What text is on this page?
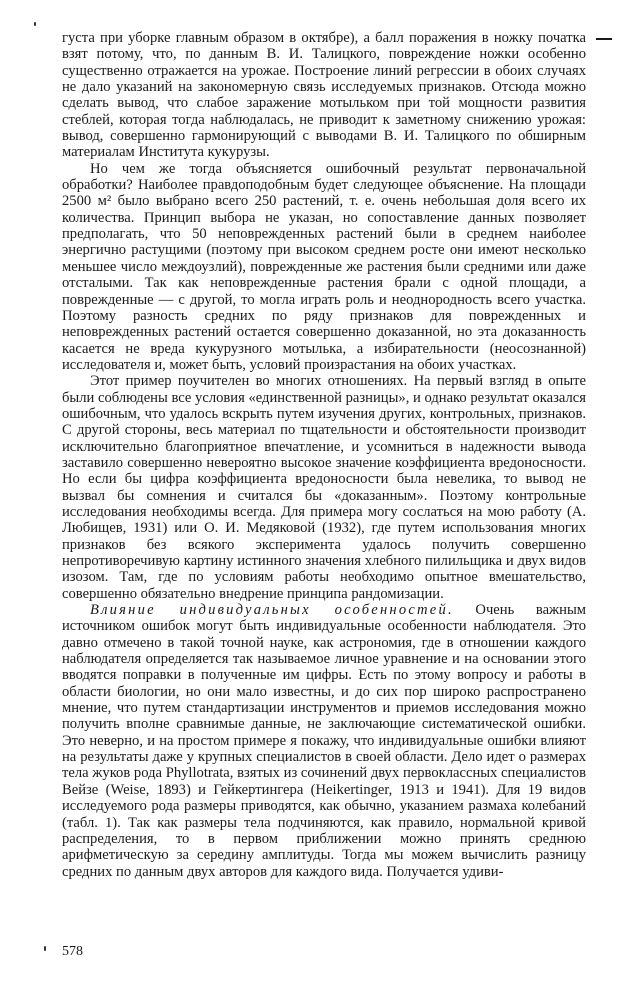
густа при уборке главным образом в октябре), а балл поражения в ножку початка взят потому, что, по данным В. И. Талицкого, повреждение ножки особенно существенно отражается на урожае. Построение линий регрессии в обоих случаях не дало указаний на закономерную связь исследуемых признаков. Отсюда можно сделать вывод, что слабое заражение мотыльком при той мощности развития стеблей, которая тогда наблюдалась, не приводит к заметному снижению урожая: вывод, совершенно гармонирующий с выводами В. И. Талицкого по обширным материалам Института кукурузы.

Но чем же тогда объясняется ошибочный результат первоначальной обработки? Наиболее правдоподобным будет следующее объяснение. На площади 2500 м² было выбрано всего 250 растений, т. е. очень небольшая доля всего их количества. Принцип выбора не указан, но сопоставление данных позволяет предполагать, что 50 неповрежденных растений были в среднем наиболее энергично растущими (поэтому при высоком среднем росте они имеют несколько меньшее число междоузлий), поврежденные же растения были средними или даже отсталыми. Так как неповрежденные растения брали с одной площади, а поврежденные — с другой, то могла играть роль и неоднородность всего участка. Поэтому разность средних по ряду признаков для поврежденных и неповрежденных растений остается совершенно доказанной, но эта доказанность касается не вреда кукурузного мотылька, а избирательности (неосознанной) исследователя и, может быть, условий произрастания на обоих участках.

Этот пример поучителен во многих отношениях. На первый взгляд в опыте были соблюдены все условия «единственной разницы», и однако результат оказался ошибочным, что удалось вскрыть путем изучения других, контрольных, признаков. С другой стороны, весь материал по тщательности и обстоятельности производит исключительно благоприятное впечатление, и усомниться в надежности вывода заставило совершенно невероятно высокое значение коэффициента вредоносности. Но если бы цифра коэффициента вредоносности была невелика, то вывод не вызвал бы сомнения и считался бы «доказанным». Поэтому контрольные исследования необходимы всегда. Для примера могу сослаться на мою работу (А. Любищев, 1931) или О. И. Медяковой (1932), где путем использования многих признаков без всякого эксперимента удалось получить совершенно непротиворечивую картину истинного значения хлебного пилильщика и двух видов изозом. Там, где по условиям работы необходимо опытное вмешательство, совершенно обязательно внедрение принципа рандомизации.

Влияние индивидуальных особенностей. Очень важным источником ошибок могут быть индивидуальные особенности наблюдателя. Это давно отмечено в такой точной науке, как астрономия, где в отношении каждого наблюдателя определяется так называемое личное уравнение и на основании этого вводятся поправки в полученные им цифры. Есть по этому вопросу и работы в области биологии, но они мало известны, и до сих пор широко распространено мнение, что путем стандартизации инструментов и приемов исследования можно получить вполне сравнимые данные, не заключающие систематической ошибки. Это неверно, и на простом примере я покажу, что индивидуальные ошибки влияют на результаты даже у крупных специалистов в своей области. Дело идет о размерах тела жуков рода Phyllotrata, взятых из сочинений двух первоклассных специалистов Вейзе (Weise, 1893) и Гейкертингера (Heikertinger, 1913 и 1941). Для 19 видов исследуемого рода размеры приводятся, как обычно, указанием размаха колебаний (табл. 1). Так как размеры тела подчиняются, как правило, нормальной кривой распределения, то в первом приближении можно принять среднюю арифметическую за середину амплитуды. Тогда мы можем вычислить разницу средних по данным двух авторов для каждого вида. Получается удиви-

578
